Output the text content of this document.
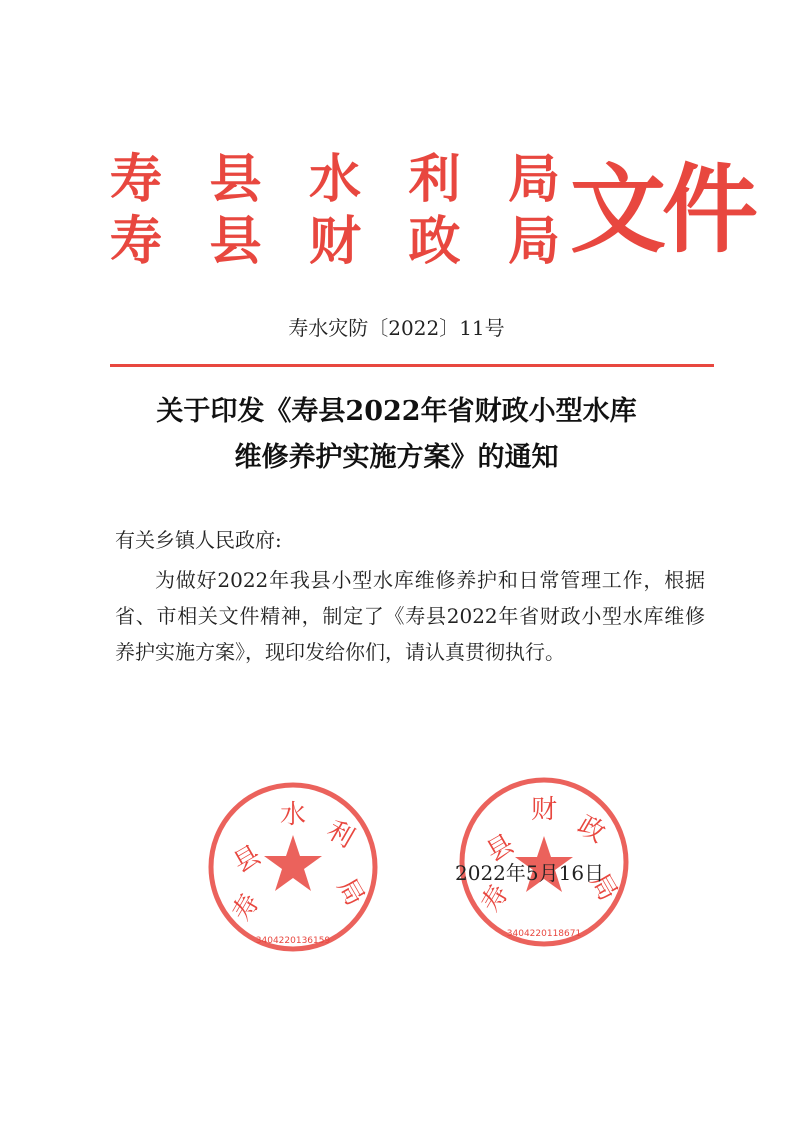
寿 县 水 利 局
寿 县 财 政 局 文件
寿水灾防〔2022〕11号
关于印发《寿县2022年省财政小型水库
维修养护实施方案》的通知
有关乡镇人民政府:
为做好2022年我县小型水库维修养护和日常管理工作，根据省、市相关文件精神，制定了《寿县2022年省财政小型水库维修养护实施方案》，现印发给你们，请认真贯彻执行。
寿
县
水
利
局
3404220136159
寿
县
财
政
局
3404220118671
2022年5月16日
